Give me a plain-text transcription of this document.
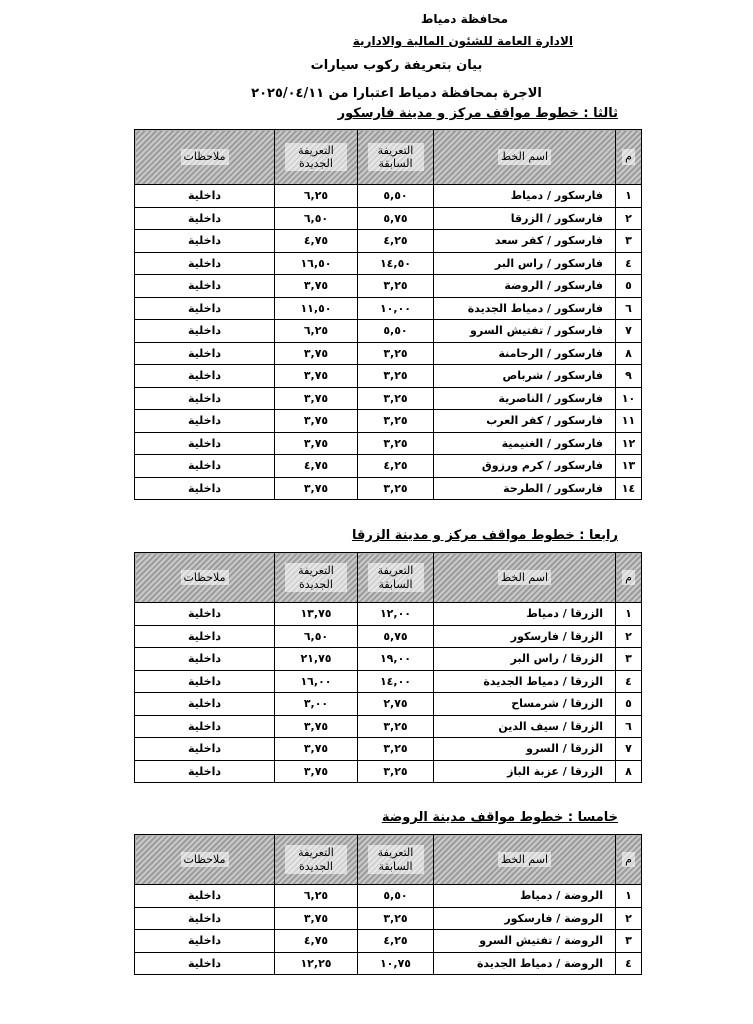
محافظة دمياط
الادارة العامة للشئون المالية والادارية
بيان بتعريفة ركوب سيارات
الاجرة بمحافظة دمياط اعتبارا من ٢٠٢٥/٠٤/١١
ثالثا : خطوط مواقف مركز و مدينة فارسكور
م	اسم الخط	التعريفة السابقة	التعريفة الجديدة	ملاحظات
١	فارسكور / دمياط	٥,٥٠	٦,٢٥	داخلية
٢	فارسكور / الزرقا	٥,٧٥	٦,٥٠	داخلية
٣	فارسكور / كفر سعد	٤,٢٥	٤,٧٥	داخلية
٤	فارسكور / راس البر	١٤,٥٠	١٦,٥٠	داخلية
٥	فارسكور / الروضة	٣,٢٥	٣,٧٥	داخلية
٦	فارسكور / دمياط الجديدة	١٠,٠٠	١١,٥٠	داخلية
٧	فارسكور / تفتيش السرو	٥,٥٠	٦,٢٥	داخلية
٨	فارسكور / الرحامنة	٣,٢٥	٣,٧٥	داخلية
٩	فارسكور / شرباص	٣,٢٥	٣,٧٥	داخلية
١٠	فارسكور / الناصرية	٣,٢٥	٣,٧٥	داخلية
١١	فارسكور / كفر العرب	٣,٢٥	٣,٧٥	داخلية
١٢	فارسكور / الغنيمية	٣,٢٥	٣,٧٥	داخلية
١٣	فارسكور / كرم ورزوق	٤,٢٥	٤,٧٥	داخلية
١٤	فارسكور / الطرحة	٣,٢٥	٣,٧٥	داخلية
رابعا : خطوط مواقف مركز و مدينة الزرقا
م	اسم الخط	التعريفة السابقة	التعريفة الجديدة	ملاحظات
١	الزرقا / دمياط	١٢,٠٠	١٣,٧٥	داخلية
٢	الزرقا / فارسكور	٥,٧٥	٦,٥٠	داخلية
٣	الزرقا / راس البر	١٩,٠٠	٢١,٧٥	داخلية
٤	الزرقا / دمياط الجديدة	١٤,٠٠	١٦,٠٠	داخلية
٥	الزرقا / شرمساح	٢,٧٥	٣,٠٠	داخلية
٦	الزرقا / سيف الدين	٣,٢٥	٣,٧٥	داخلية
٧	الزرقا / السرو	٣,٢٥	٣,٧٥	داخلية
٨	الزرقا / عزبة الباز	٣,٢٥	٣,٧٥	داخلية
خامسا : خطوط مواقف مدينة الروضة
م	اسم الخط	التعريفة السابقة	التعريفة الجديدة	ملاحظات
١	الروضة / دمياط	٥,٥٠	٦,٢٥	داخلية
٢	الروضة / فارسكور	٣,٢٥	٣,٧٥	داخلية
٣	الروضة / تفتيش السرو	٤,٢٥	٤,٧٥	داخلية
٤	الروضة / دمياط الجديدة	١٠,٧٥	١٢,٢٥	داخلية
